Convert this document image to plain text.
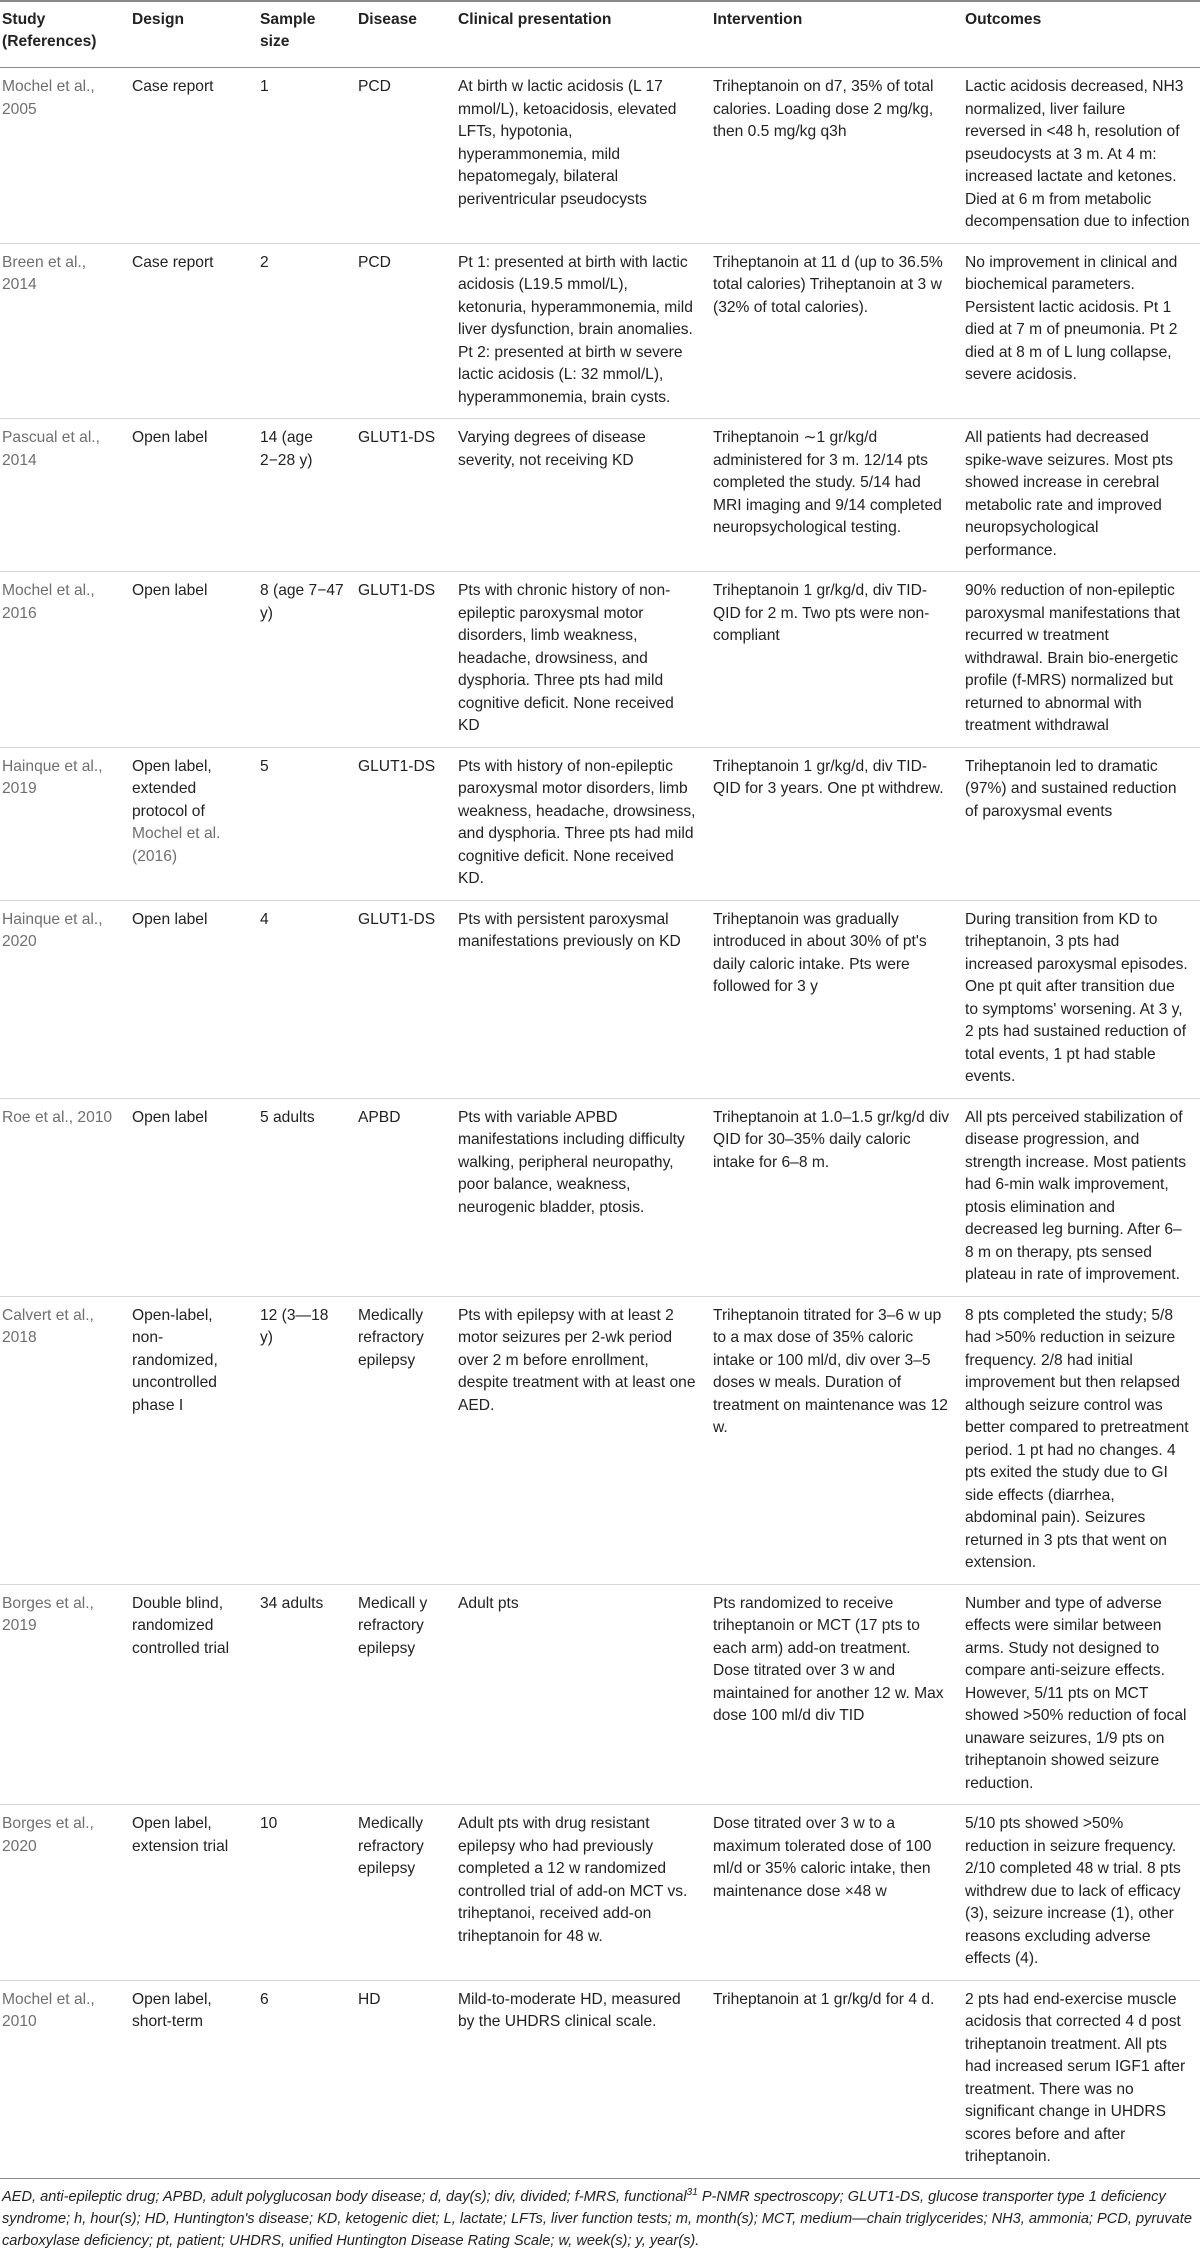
Study (References)	Design	Sample size	Disease	Clinical presentation	Intervention	Outcomes
Mochel et al., 2005	Case report	1	PCD	At birth w lactic acidosis (L 17 mmol/L), ketoacidosis, elevated LFTs, hypotonia, hyperammonemia, mild hepatomegaly, bilateral periventricular pseudocysts	Triheptanoin on d7, 35% of total calories. Loading dose 2 mg/kg, then 0.5 mg/kg q3h	Lactic acidosis decreased, NH3 normalized, liver failure reversed in <48 h, resolution of pseudocysts at 3 m. At 4 m: increased lactate and ketones. Died at 6 m from metabolic decompensation due to infection
Breen et al., 2014	Case report	2	PCD	Pt 1: presented at birth with lactic acidosis (L19.5 mmol/L), ketonuria, hyperammonemia, mild liver dysfunction, brain anomalies. Pt 2: presented at birth w severe lactic acidosis (L: 32 mmol/L), hyperammonemia, brain cysts.	Triheptanoin at 11 d (up to 36.5% total calories) Triheptanoin at 3 w (32% of total calories).	No improvement in clinical and biochemical parameters. Persistent lactic acidosis. Pt 1 died at 7 m of pneumonia. Pt 2 died at 8 m of L lung collapse, severe acidosis.
Pascual et al., 2014	Open label	14 (age 2−28 y)	GLUT1-DS	Varying degrees of disease severity, not receiving KD	Triheptanoin ∼1 gr/kg/d administered for 3 m. 12/14 pts completed the study. 5/14 had MRI imaging and 9/14 completed neuropsychological testing.	All patients had decreased spike-wave seizures. Most pts showed increase in cerebral metabolic rate and improved neuropsychological performance.
Mochel et al., 2016	Open label	8 (age 7−47 y)	GLUT1-DS	Pts with chronic history of non-epileptic paroxysmal motor disorders, limb weakness, headache, drowsiness, and dysphoria. Three pts had mild cognitive deficit. None received KD	Triheptanoin 1 gr/kg/d, div TID-QID for 2 m. Two pts were non-compliant	90% reduction of non-epileptic paroxysmal manifestations that recurred w treatment withdrawal. Brain bio-energetic profile (f-MRS) normalized but returned to abnormal with treatment withdrawal
Hainque et al., 2019	Open label, extended protocol of Mochel et al. (2016)	5	GLUT1-DS	Pts with history of non-epileptic paroxysmal motor disorders, limb weakness, headache, drowsiness, and dysphoria. Three pts had mild cognitive deficit. None received KD.	Triheptanoin 1 gr/kg/d, div TID-QID for 3 years. One pt withdrew.	Triheptanoin led to dramatic (97%) and sustained reduction of paroxysmal events
Hainque et al., 2020	Open label	4	GLUT1-DS	Pts with persistent paroxysmal manifestations previously on KD	Triheptanoin was gradually introduced in about 30% of pt's daily caloric intake. Pts were followed for 3 y	During transition from KD to triheptanoin, 3 pts had increased paroxysmal episodes. One pt quit after transition due to symptoms' worsening. At 3 y, 2 pts had sustained reduction of total events, 1 pt had stable events.
Roe et al., 2010	Open label	5 adults	APBD	Pts with variable APBD manifestations including difficulty walking, peripheral neuropathy, poor balance, weakness, neurogenic bladder, ptosis.	Triheptanoin at 1.0–1.5 gr/kg/d div QID for 30–35% daily caloric intake for 6–8 m.	All pts perceived stabilization of disease progression, and strength increase. Most patients had 6-min walk improvement, ptosis elimination and decreased leg burning. After 6–8 m on therapy, pts sensed plateau in rate of improvement.
Calvert et al., 2018	Open-label, non-randomized, uncontrolled phase I	12 (3—18 y)	Medically refractory epilepsy	Pts with epilepsy with at least 2 motor seizures per 2-wk period over 2 m before enrollment, despite treatment with at least one AED.	Triheptanoin titrated for 3–6 w up to a max dose of 35% caloric intake or 100 ml/d, div over 3–5 doses w meals. Duration of treatment on maintenance was 12 w.	8 pts completed the study; 5/8 had >50% reduction in seizure frequency. 2/8 had initial improvement but then relapsed although seizure control was better compared to pretreatment period. 1 pt had no changes. 4 pts exited the study due to GI side effects (diarrhea, abdominal pain). Seizures returned in 3 pts that went on extension.
Borges et al., 2019	Double blind, randomized controlled trial	34 adults	Medicall y refractory epilepsy	Adult pts	Pts randomized to receive triheptanoin or MCT (17 pts to each arm) add-on treatment. Dose titrated over 3 w and maintained for another 12 w. Max dose 100 ml/d div TID	Number and type of adverse effects were similar between arms. Study not designed to compare anti-seizure effects. However, 5/11 pts on MCT showed >50% reduction of focal unaware seizures, 1/9 pts on triheptanoin showed seizure reduction.
Borges et al., 2020	Open label, extension trial	10	Medically refractory epilepsy	Adult pts with drug resistant epilepsy who had previously completed a 12 w randomized controlled trial of add-on MCT vs. triheptanoi, received add-on triheptanoin for 48 w.	Dose titrated over 3 w to a maximum tolerated dose of 100 ml/d or 35% caloric intake, then maintenance dose ×48 w	5/10 pts showed >50% reduction in seizure frequency. 2/10 completed 48 w trial. 8 pts withdrew due to lack of efficacy (3), seizure increase (1), other reasons excluding adverse effects (4).
Mochel et al., 2010	Open label, short-term	6	HD	Mild-to-moderate HD, measured by the UHDRS clinical scale.	Triheptanoin at 1 gr/kg/d for 4 d.	2 pts had end-exercise muscle acidosis that corrected 4 d post triheptanoin treatment. All pts had increased serum IGF1 after treatment. There was no significant change in UHDRS scores before and after triheptanoin.
AED, anti-epileptic drug; APBD, adult polyglucosan body disease; d, day(s); div, divided; f-MRS, functional$^{31}$ P-NMR spectroscopy; GLUT1-DS, glucose transporter type 1 deficiency syndrome; h, hour(s); HD, Huntington's disease; KD, ketogenic diet; L, lactate; LFTs, liver function tests; m, month(s); MCT, medium—chain triglycerides; NH3, ammonia; PCD, pyruvate carboxylase deficiency; pt, patient; UHDRS, unified Huntington Disease Rating Scale; w, week(s); y, year(s).
